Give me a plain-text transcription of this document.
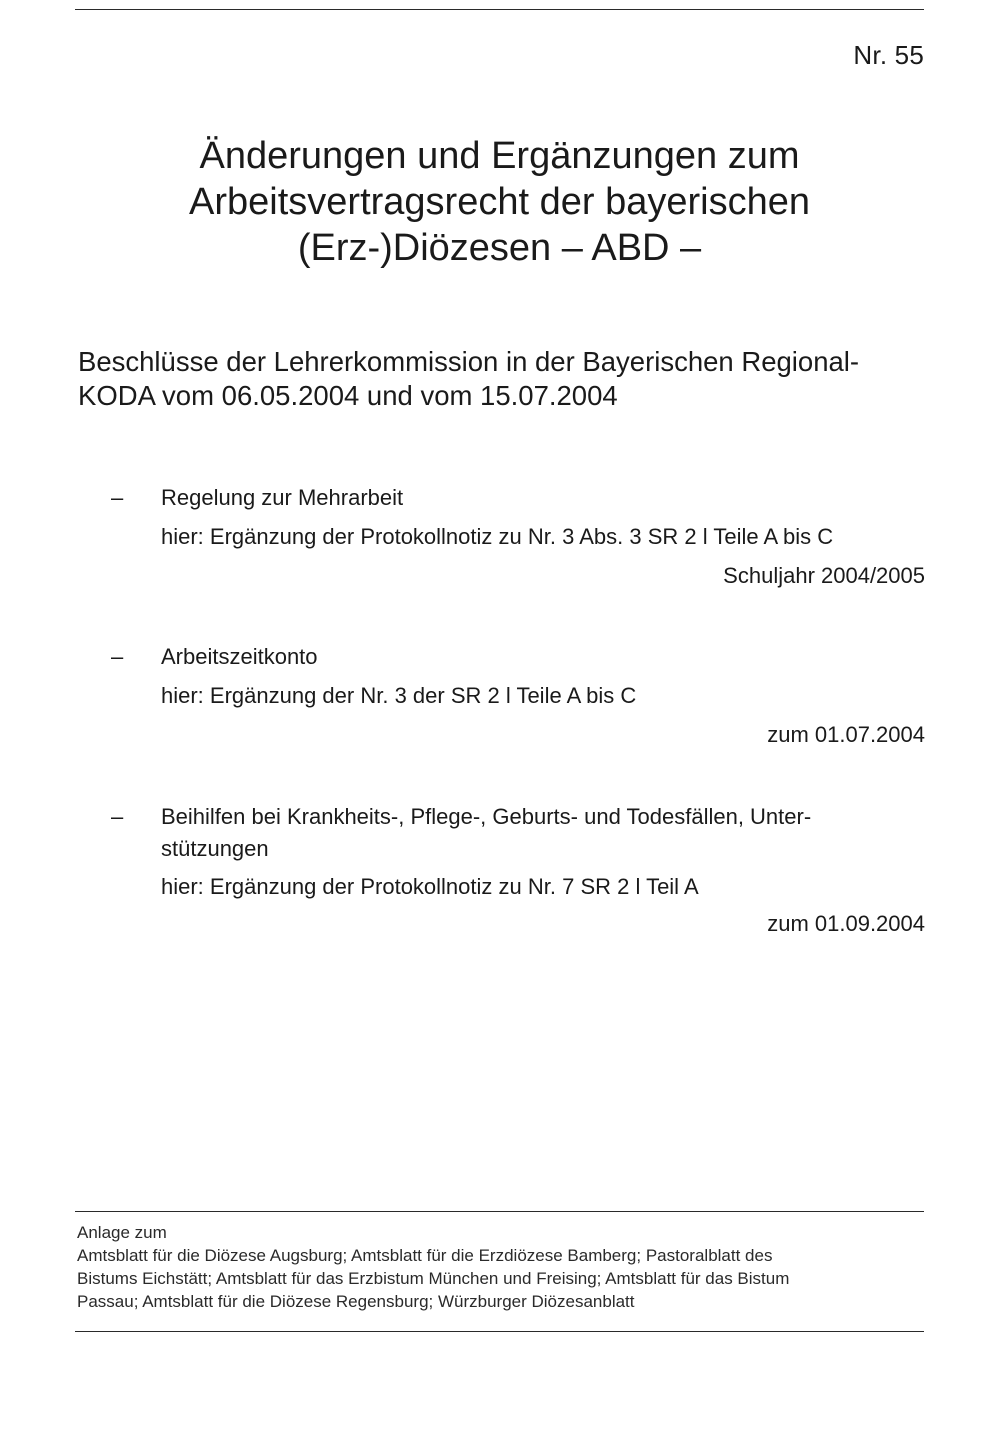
Nr. 55
Änderungen und Ergänzungen zum
Arbeitsvertragsrecht der bayerischen
(Erz-)Diözesen – ABD –
Beschlüsse der Lehrerkommission in der Bayerischen Regional-
KODA vom 06.05.2004 und vom 15.07.2004
– Regelung zur Mehrarbeit
hier: Ergänzung der Protokollnotiz zu Nr. 3 Abs. 3 SR 2 l Teile A bis C
Schuljahr 2004/2005
– Arbeitszeitkonto
hier: Ergänzung der Nr. 3 der SR 2 l Teile A bis C
zum 01.07.2004
– Beihilfen bei Krankheits-, Pflege-, Geburts- und Todesfällen, Unter-
stützungen
hier: Ergänzung der Protokollnotiz zu Nr. 7 SR 2 l Teil A
zum 01.09.2004
Anlage zum
Amtsblatt für die Diözese Augsburg; Amtsblatt für die Erzdiözese Bamberg; Pastoralblatt des
Bistums Eichstätt; Amtsblatt für das Erzbistum München und Freising; Amtsblatt für das Bistum
Passau; Amtsblatt für die Diözese Regensburg; Würzburger Diözesanblatt
